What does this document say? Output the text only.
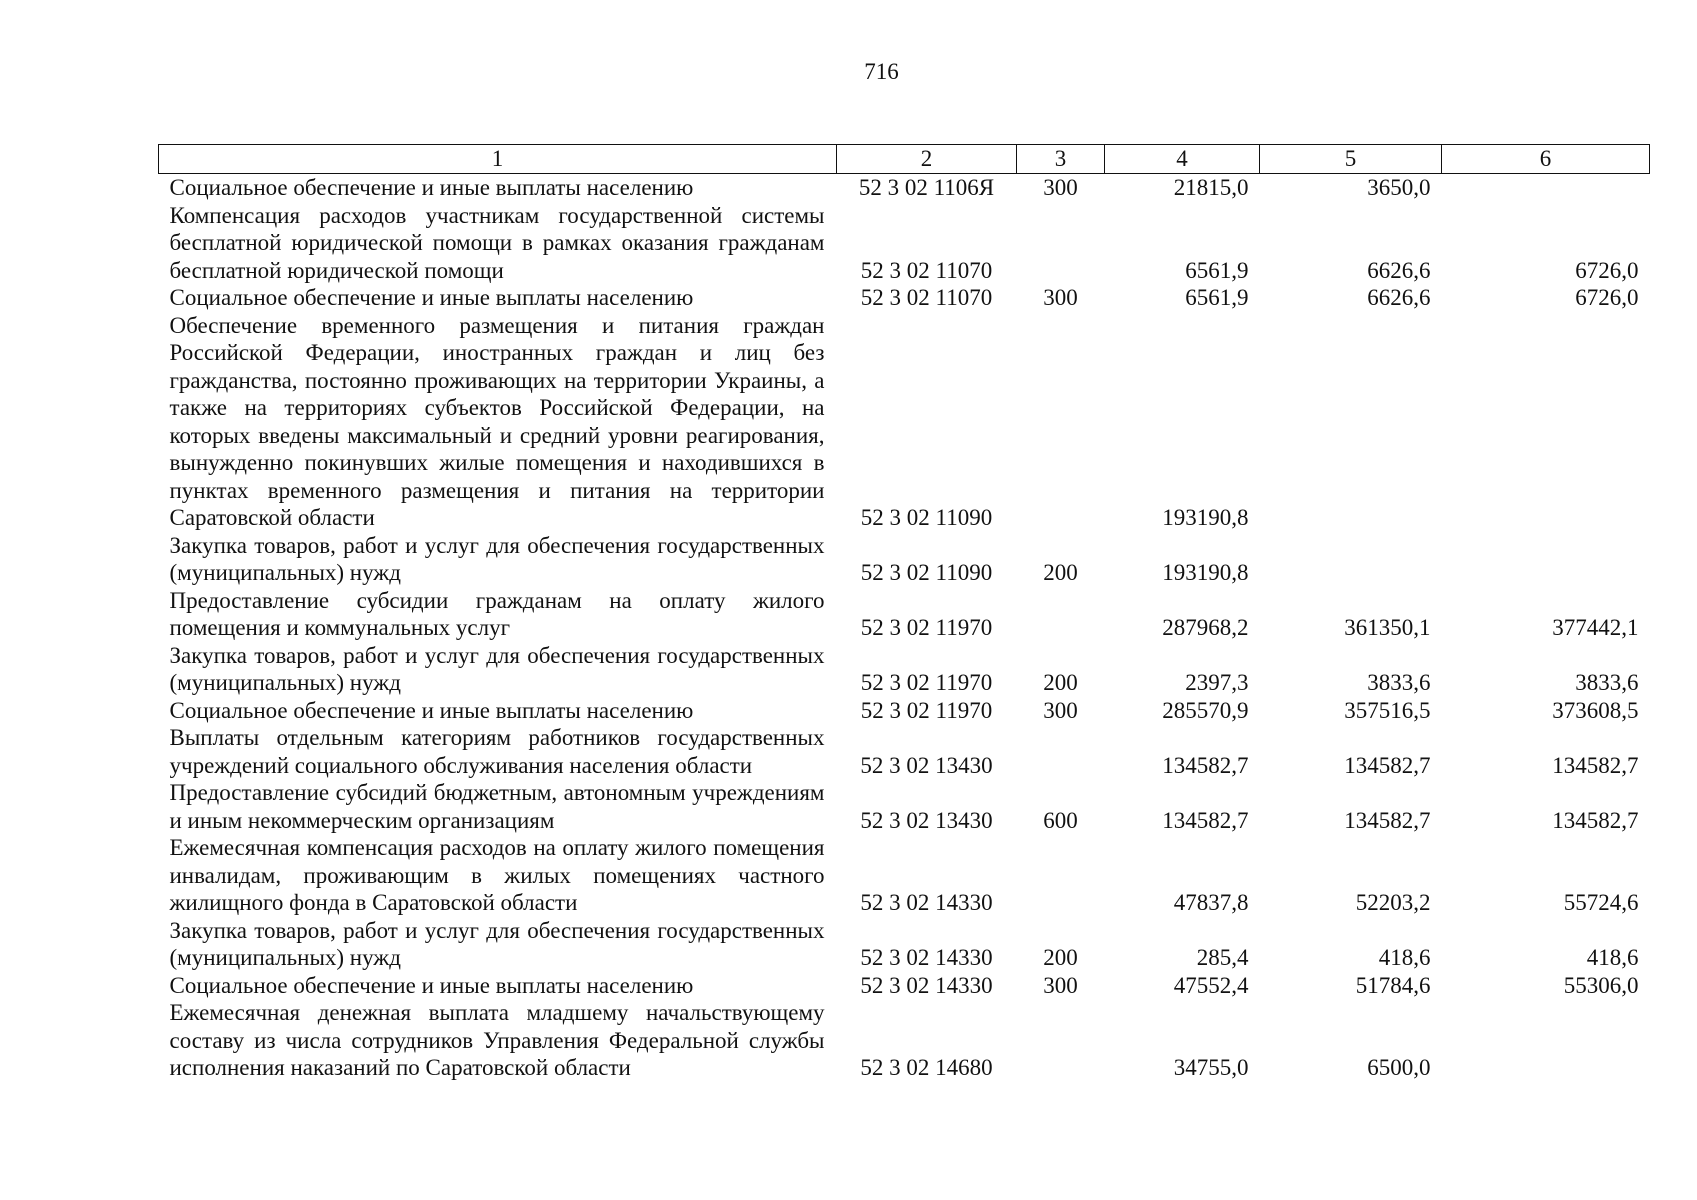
716
1	2	3	4	5	6
Социальное обеспечение и иные выплаты населению	52 3 02 1106Я	300	21815,0	3650,0	
Компенсация расходов участникам государственной системы бесплатной юридической помощи в рамках оказания гражданам бесплатной юридической помощи	52 3 02 11070		6561,9	6626,6	6726,0
Социальное обеспечение и иные выплаты населению	52 3 02 11070	300	6561,9	6626,6	6726,0
Обеспечение временного размещения и питания граждан Российской Федерации, иностранных граждан и лиц без гражданства, постоянно проживающих на территории Украины, а также на территориях субъектов Российской Федерации, на которых введены максимальный и средний уровни реагирования, вынужденно покинувших жилые помещения и находившихся в пунктах временного размещения и питания на территории Саратовской области	52 3 02 11090		193190,8		
Закупка товаров, работ и услуг для обеспечения государственных (муниципальных) нужд	52 3 02 11090	200	193190,8		
Предоставление субсидии гражданам на оплату жилого помещения и коммунальных услуг	52 3 02 11970		287968,2	361350,1	377442,1
Закупка товаров, работ и услуг для обеспечения государственных (муниципальных) нужд	52 3 02 11970	200	2397,3	3833,6	3833,6
Социальное обеспечение и иные выплаты населению	52 3 02 11970	300	285570,9	357516,5	373608,5
Выплаты отдельным категориям работников государственных учреждений социального обслуживания населения области	52 3 02 13430		134582,7	134582,7	134582,7
Предоставление субсидий бюджетным, автономным учреждениям и иным некоммерческим организациям	52 3 02 13430	600	134582,7	134582,7	134582,7
Ежемесячная компенсация расходов на оплату жилого помещения инвалидам, проживающим в жилых помещениях частного жилищного фонда в Саратовской области	52 3 02 14330		47837,8	52203,2	55724,6
Закупка товаров, работ и услуг для обеспечения государственных (муниципальных) нужд	52 3 02 14330	200	285,4	418,6	418,6
Социальное обеспечение и иные выплаты населению	52 3 02 14330	300	47552,4	51784,6	55306,0
Ежемесячная денежная выплата младшему начальствующему составу из числа сотрудников Управления Федеральной службы исполнения наказаний по Саратовской области	52 3 02 14680		34755,0	6500,0	
